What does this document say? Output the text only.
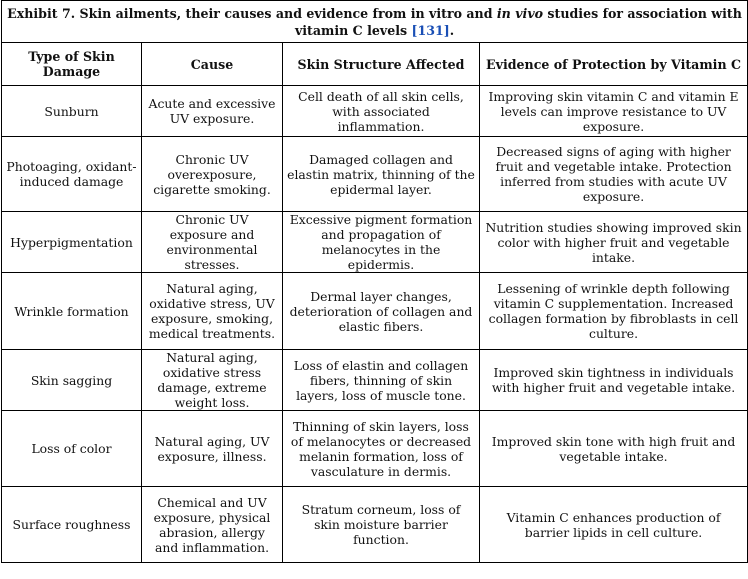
Exhibit 7. Skin ailments, their causes and evidence from in vitro and in vivo studies for association with vitamin C levels [131].			
Type of Skin Damage	Cause	Skin Structure Affected	Evidence of Protection by Vitamin C
Sunburn	Acute and excessive UV exposure.	Cell death of all skin cells, with associated inflammation.	Improving skin vitamin C and vitamin E levels can improve resistance to UV exposure.
Photoaging, oxidant-induced damage	Chronic UV overexposure, cigarette smoking.	Damaged collagen and elastin matrix, thinning of the epidermal layer.	Decreased signs of aging with higher fruit and vegetable intake. Protection inferred from studies with acute UV exposure.
Hyperpigmentation	Chronic UV exposure and environmental stresses.	Excessive pigment formation and propagation of melanocytes in the epidermis.	Nutrition studies showing improved skin color with higher fruit and vegetable intake.
Wrinkle formation	Natural aging, oxidative stress, UV exposure, smoking, medical treatments.	Dermal layer changes, deterioration of collagen and elastic fibers.	Lessening of wrinkle depth following vitamin C supplementation. Increased collagen formation by fibroblasts in cell culture.
Skin sagging	Natural aging, oxidative stress damage, extreme weight loss.	Loss of elastin and collagen fibers, thinning of skin layers, loss of muscle tone.	Improved skin tightness in individuals with higher fruit and vegetable intake.
Loss of color	Natural aging, UV exposure, illness.	Thinning of skin layers, loss of melanocytes or decreased melanin formation, loss of vasculature in dermis.	Improved skin tone with high fruit and vegetable intake.
Surface roughness	Chemical and UV exposure, physical abrasion, allergy and inflammation.	Stratum corneum, loss of skin moisture barrier function.	Vitamin C enhances production of barrier lipids in cell culture.
